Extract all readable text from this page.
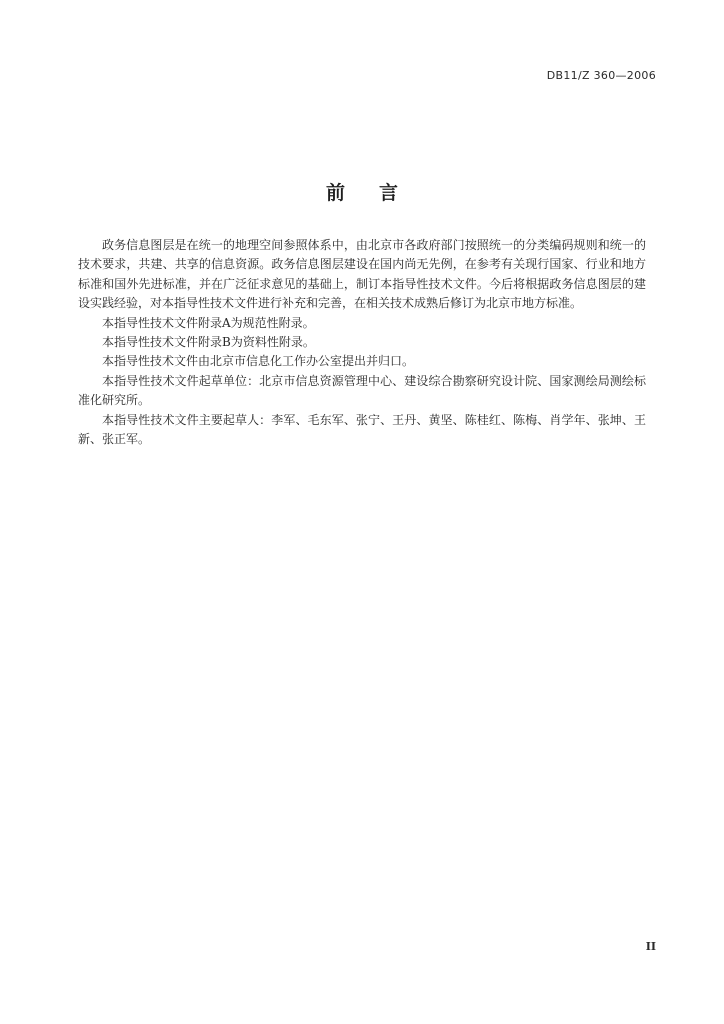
DB11/Z 360—2006
前言

政务信息图层是在统一的地理空间参照体系中，由北京市各政府部门按照统一的分类编码规则和统一的技术要求，共建、共享的信息资源。政务信息图层建设在国内尚无先例，在参考有关现行国家、行业和地方标准和国外先进标准，并在广泛征求意见的基础上，制订本指导性技术文件。今后将根据政务信息图层的建设实践经验，对本指导性技术文件进行补充和完善，在相关技术成熟后修订为北京市地方标准。

本指导性技术文件附录A为规范性附录。

本指导性技术文件附录B为资料性附录。

本指导性技术文件由北京市信息化工作办公室提出并归口。

本指导性技术文件起草单位：北京市信息资源管理中心、建设综合勘察研究设计院、国家测绘局测绘标准化研究所。

本指导性技术文件主要起草人：李军、毛东军、张宁、王丹、黄坚、陈桂红、陈梅、肖学年、张坤、王新、张正军。

II
